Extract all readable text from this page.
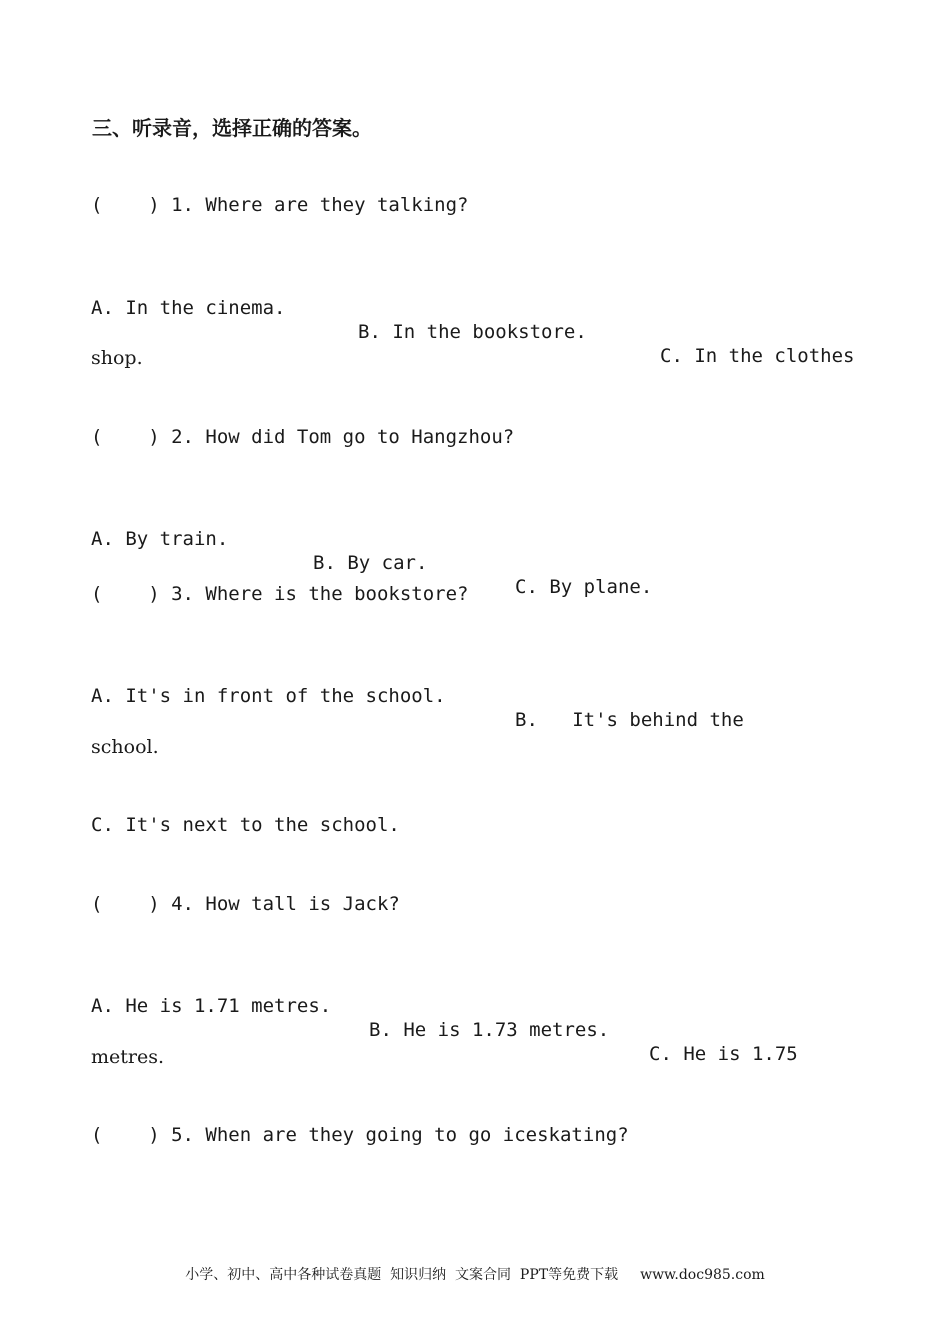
三、听录音，选择正确的答案。
(    ) 1. Where are they talking?

A. In the cinema.

B. In the bookstore.

C. In the clothes

shop.
(    ) 2. How did Tom go to Hangzhou?

A. By train.

B. By car.

C. By plane.

(    ) 3. Where is the bookstore?

A. It's in front of the school.

B.   It's behind the

school.
C. It's next to the school.
(    ) 4. How tall is Jack?

A. He is 1.71 metres.

B. He is 1.73 metres.

C. He is 1.75

metres.
(    ) 5. When are they going to go iceskating?
小学、初中、高中各种试卷真题  知识归纳  文案合同  PPT等免费下载 www.doc985.com
